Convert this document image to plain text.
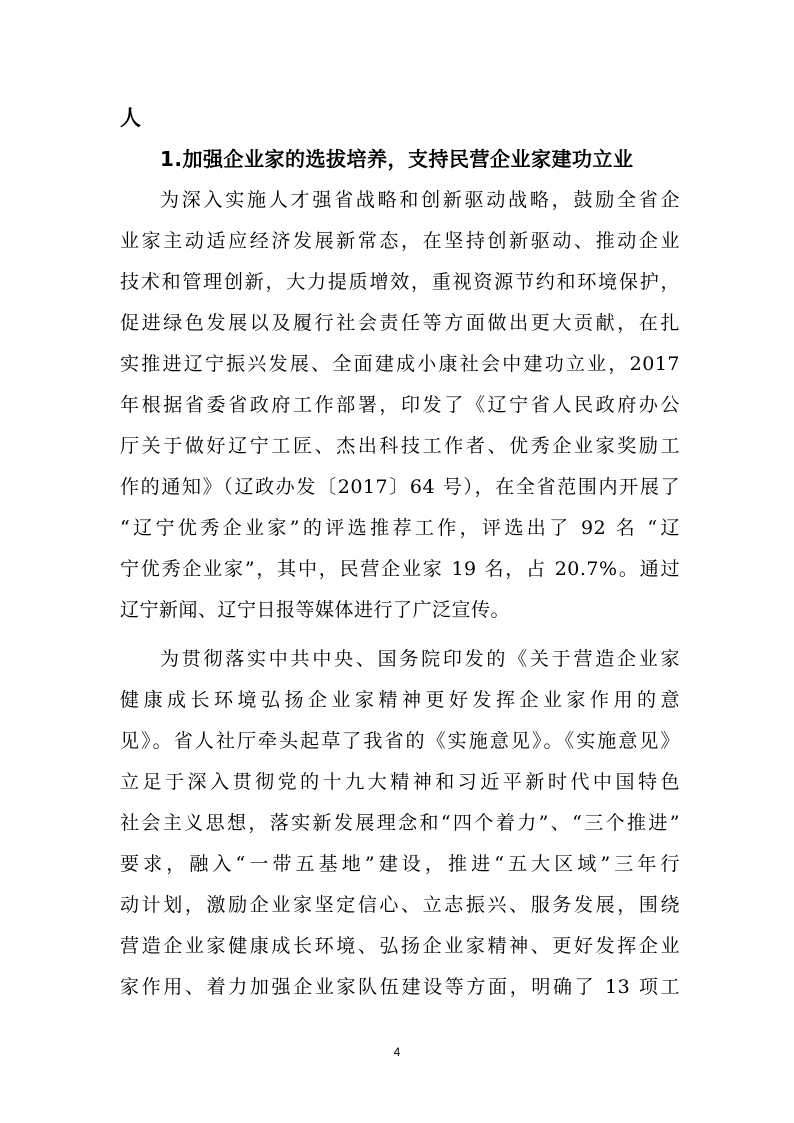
人
1.加强企业家的选拔培养，支持民营企业家建功立业
为深入实施人才强省战略和创新驱动战略，鼓励全省企
业家主动适应经济发展新常态，在坚持创新驱动、推动企业
技术和管理创新，大力提质增效，重视资源节约和环境保护，
促进绿色发展以及履行社会责任等方面做出更大贡献，在扎
实推进辽宁振兴发展、全面建成小康社会中建功立业，2017
年根据省委省政府工作部署，印发了《辽宁省人民政府办公
厅关于做好辽宁工匠、杰出科技工作者、优秀企业家奖励工
作的通知》（辽政办发〔2017〕64 号），在全省范围内开展了
“辽宁优秀企业家”的评选推荐工作，评选出了 92 名 “辽
宁优秀企业家”，其中，民营企业家 19 名，占 20.7%。通过
辽宁新闻、辽宁日报等媒体进行了广泛宣传。
为贯彻落实中共中央、国务院印发的《关于营造企业家
健康成长环境弘扬企业家精神更好发挥企业家作用的意
见》。省人社厅牵头起草了我省的《实施意见》。《实施意见》
立足于深入贯彻党的十九大精神和习近平新时代中国特色
社会主义思想，落实新发展理念和“四个着力”、“三个推进”
要求，融入“一带五基地”建设，推进“五大区域”三年行
动计划，激励企业家坚定信心、立志振兴、服务发展，围绕
营造企业家健康成长环境、弘扬企业家精神、更好发挥企业
家作用、着力加强企业家队伍建设等方面，明确了 13 项工
4
